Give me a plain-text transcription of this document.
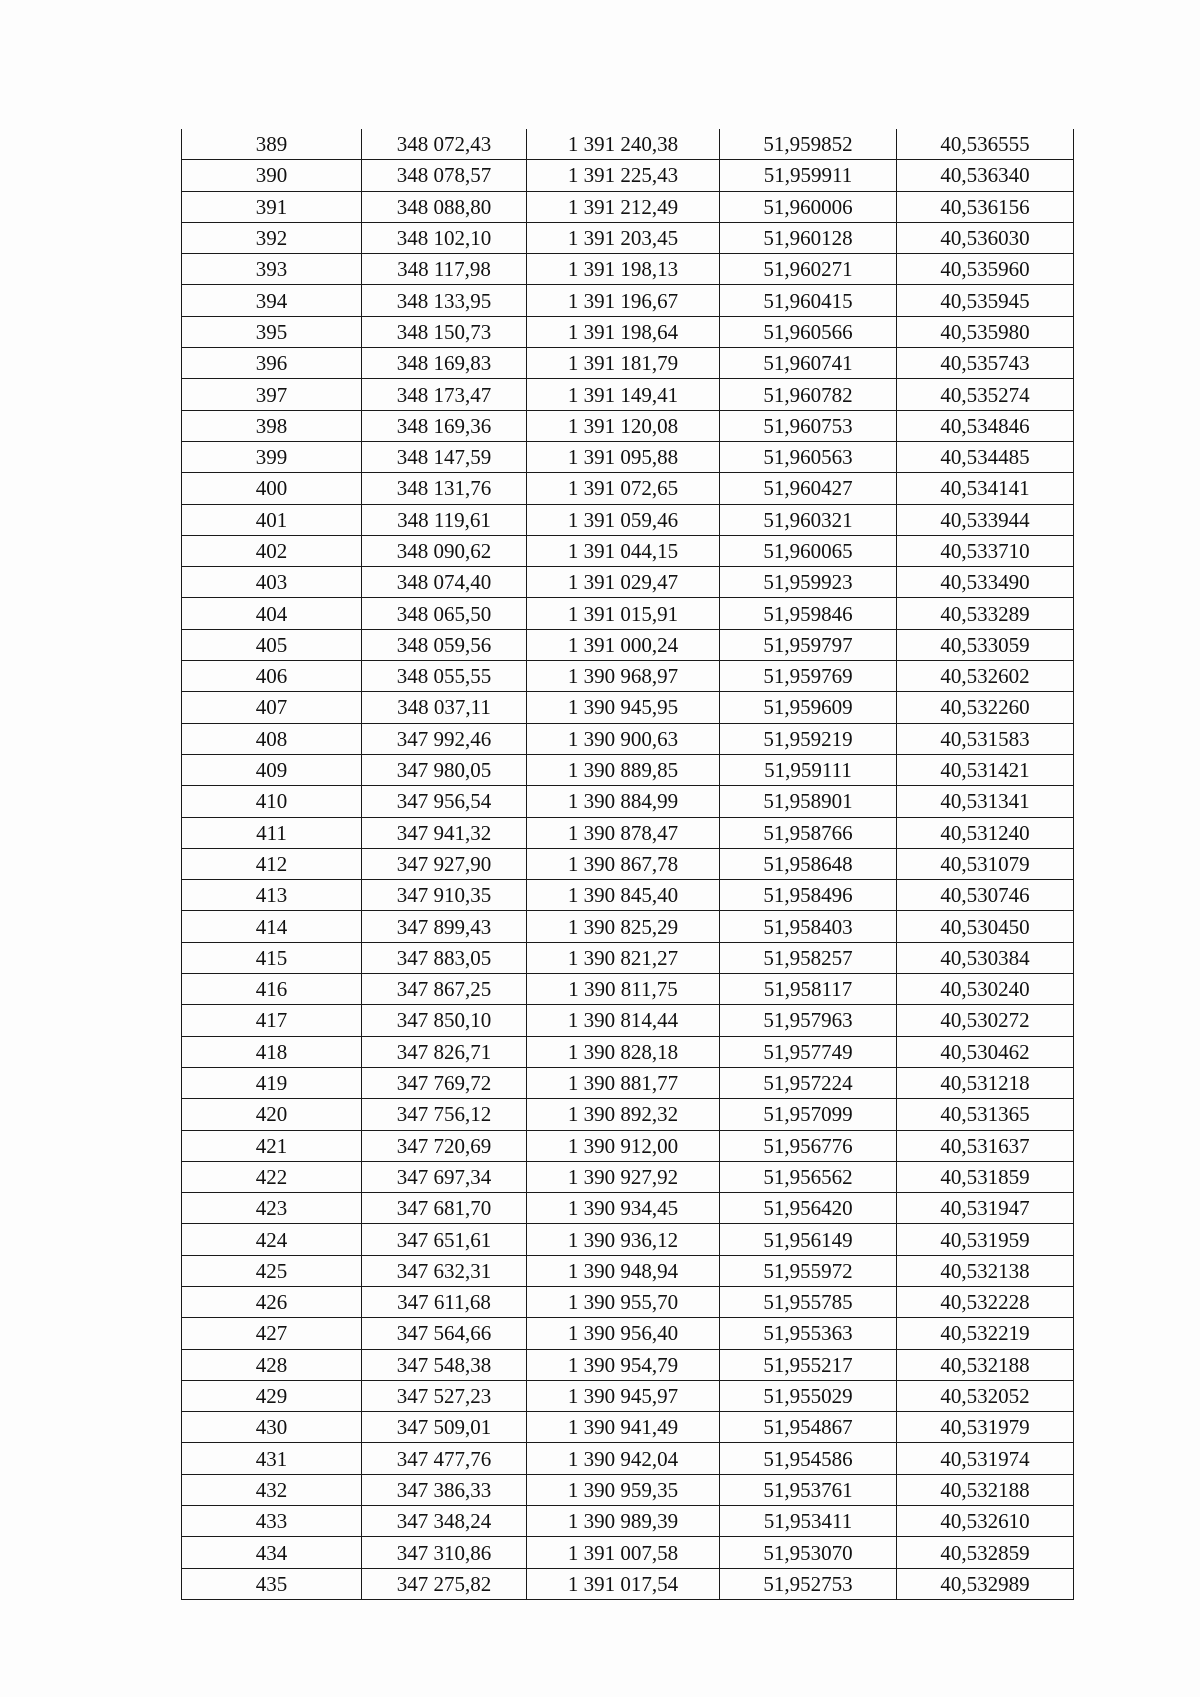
389	348 072,43	1 391 240,38	51,959852	40,536555
390	348 078,57	1 391 225,43	51,959911	40,536340
391	348 088,80	1 391 212,49	51,960006	40,536156
392	348 102,10	1 391 203,45	51,960128	40,536030
393	348 117,98	1 391 198,13	51,960271	40,535960
394	348 133,95	1 391 196,67	51,960415	40,535945
395	348 150,73	1 391 198,64	51,960566	40,535980
396	348 169,83	1 391 181,79	51,960741	40,535743
397	348 173,47	1 391 149,41	51,960782	40,535274
398	348 169,36	1 391 120,08	51,960753	40,534846
399	348 147,59	1 391 095,88	51,960563	40,534485
400	348 131,76	1 391 072,65	51,960427	40,534141
401	348 119,61	1 391 059,46	51,960321	40,533944
402	348 090,62	1 391 044,15	51,960065	40,533710
403	348 074,40	1 391 029,47	51,959923	40,533490
404	348 065,50	1 391 015,91	51,959846	40,533289
405	348 059,56	1 391 000,24	51,959797	40,533059
406	348 055,55	1 390 968,97	51,959769	40,532602
407	348 037,11	1 390 945,95	51,959609	40,532260
408	347 992,46	1 390 900,63	51,959219	40,531583
409	347 980,05	1 390 889,85	51,959111	40,531421
410	347 956,54	1 390 884,99	51,958901	40,531341
411	347 941,32	1 390 878,47	51,958766	40,531240
412	347 927,90	1 390 867,78	51,958648	40,531079
413	347 910,35	1 390 845,40	51,958496	40,530746
414	347 899,43	1 390 825,29	51,958403	40,530450
415	347 883,05	1 390 821,27	51,958257	40,530384
416	347 867,25	1 390 811,75	51,958117	40,530240
417	347 850,10	1 390 814,44	51,957963	40,530272
418	347 826,71	1 390 828,18	51,957749	40,530462
419	347 769,72	1 390 881,77	51,957224	40,531218
420	347 756,12	1 390 892,32	51,957099	40,531365
421	347 720,69	1 390 912,00	51,956776	40,531637
422	347 697,34	1 390 927,92	51,956562	40,531859
423	347 681,70	1 390 934,45	51,956420	40,531947
424	347 651,61	1 390 936,12	51,956149	40,531959
425	347 632,31	1 390 948,94	51,955972	40,532138
426	347 611,68	1 390 955,70	51,955785	40,532228
427	347 564,66	1 390 956,40	51,955363	40,532219
428	347 548,38	1 390 954,79	51,955217	40,532188
429	347 527,23	1 390 945,97	51,955029	40,532052
430	347 509,01	1 390 941,49	51,954867	40,531979
431	347 477,76	1 390 942,04	51,954586	40,531974
432	347 386,33	1 390 959,35	51,953761	40,532188
433	347 348,24	1 390 989,39	51,953411	40,532610
434	347 310,86	1 391 007,58	51,953070	40,532859
435	347 275,82	1 391 017,54	51,952753	40,532989
